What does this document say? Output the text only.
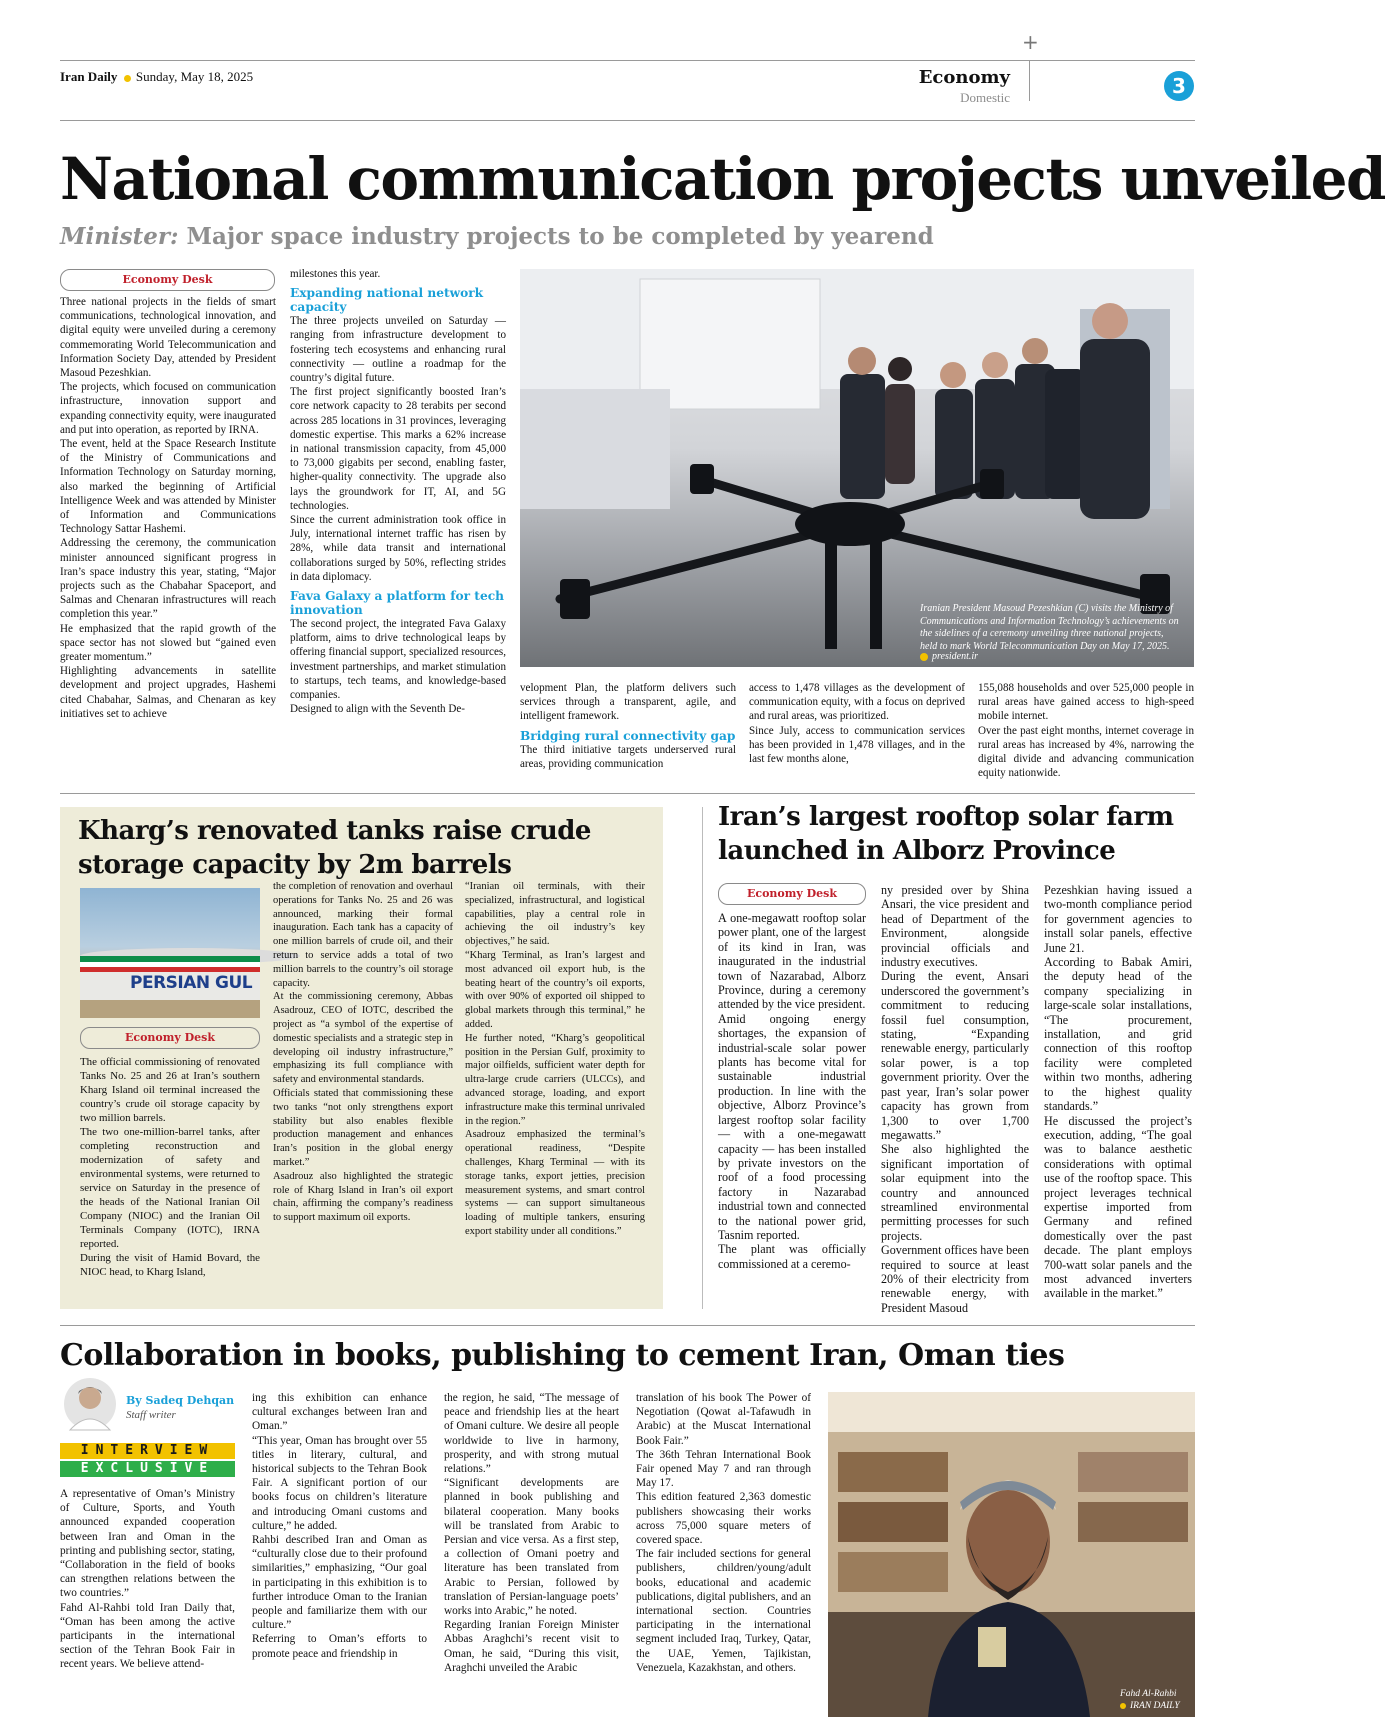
+
Iran Daily Sunday, May 18, 2025	Economy
Domestic	3
National communication projects unveiled
Minister: Major space industry projects to be completed by yearend
Economy Desk

Three national projects in the fields of smart communications, technological innovation, and digital equity were unveiled during a ceremony commemorating World Telecommunication and Information Society Day, attended by President Masoud Pezeshkian.

The projects, which focused on communication infrastructure, innovation support and expanding connectivity equity, were inaugurated and put into operation, as reported by IRNA.

The event, held at the Space Research Institute of the Ministry of Communications and Information Technology on Saturday morning, also marked the beginning of Artificial Intelligence Week and was attended by Minister of Information and Communications Technology Sattar Hashemi.

Addressing the ceremony, the communication minister announced significant progress in Iran’s space industry this year, stating, “Major projects such as the Chabahar Spaceport, and Salmas and Chenaran infrastructures will reach completion this year.”

He emphasized that the rapid growth of the space sector has not slowed but “gained even greater momentum.”

Highlighting advancements in satellite development and project upgrades, Hashemi cited Chabahar, Salmas, and Chenaran as key initiatives set to achieve

milestones this year.

Expanding national network capacity

The three projects unveiled on Saturday — ranging from infrastructure development to fostering tech ecosystems and enhancing rural connectivity — outline a roadmap for the country’s digital future.

The first project significantly boosted Iran’s core network capacity to 28 terabits per second across 285 locations in 31 provinces, leveraging domestic expertise. This marks a 62% increase in national transmission capacity, from 45,000 to 73,000 gigabits per second, enabling faster, higher-quality connectivity. The upgrade also lays the groundwork for IT, AI, and 5G technologies.

Since the current administration took office in July, international internet traffic has risen by 28%, while data transit and international collaborations surged by 50%, reflecting strides in data diplomacy.

Fava Galaxy a platform for tech innovation

The second project, the integrated Fava Galaxy platform, aims to drive technological leaps by offering financial support, specialized resources, investment partnerships, and market stimulation to startups, tech teams, and knowledge-based companies.

Designed to align with the Seventh De-

Iranian President Masoud Pezeshkian (C) visits the Ministry of Communications and Information Technology’s achievements on the sidelines of a ceremony unveiling three national projects, held to mark World Telecommunication Day on May 17, 2025.
president.ir

velopment Plan, the platform delivers such services through a transparent, agile, and intelligent framework.

Bridging rural connectivity gap

The third initiative targets underserved rural areas, providing communication

access to 1,478 villages as the development of communication equity, with a focus on deprived and rural areas, was prioritized.

Since July, access to communication services has been provided in 1,478 villages, and in the last few months alone,

155,088 households and over 525,000 people in rural areas have gained access to high-speed mobile internet.

Over the past eight months, internet coverage in rural areas has increased by 4%, narrowing the digital divide and advancing communication equity nationwide.

Kharg’s renovated tanks raise crude storage capacity by 2m barrels
PERSIAN GUL
Economy Desk

The official commissioning of renovated Tanks No. 25 and 26 at Iran’s southern Kharg Island oil terminal increased the country’s crude oil storage capacity by two million barrels.

The two one-million-barrel tanks, after completing reconstruction and modernization of safety and environmental systems, were returned to service on Saturday in the presence of the heads of the National Iranian Oil Company (NIOC) and the Iranian Oil Terminals Company (IOTC), IRNA reported.

During the visit of Hamid Bovard, the NIOC head, to Kharg Island,

the completion of renovation and overhaul operations for Tanks No. 25 and 26 was announced, marking their formal inauguration. Each tank has a capacity of one million barrels of crude oil, and their return to service adds a total of two million barrels to the country’s oil storage capacity.

At the commissioning ceremony, Abbas Asadrouz, CEO of IOTC, described the project as “a symbol of the expertise of domestic specialists and a strategic step in developing oil industry infrastructure,” emphasizing its full compliance with safety and environmental standards.

Officials stated that commissioning these two tanks “not only strengthens export stability but also enables flexible production management and enhances Iran’s position in the global energy market.”

Asadrouz also highlighted the strategic role of Kharg Island in Iran’s oil export chain, affirming the company’s readiness to support maximum oil exports.

“Iranian oil terminals, with their specialized, infrastructural, and logistical capabilities, play a central role in achieving the oil industry’s key objectives,” he said.

“Kharg Terminal, as Iran’s largest and most advanced oil export hub, is the beating heart of the country’s oil exports, with over 90% of exported oil shipped to global markets through this terminal,” he added.

He further noted, “Kharg’s geopolitical position in the Persian Gulf, proximity to major oilfields, sufficient water depth for ultra-large crude carriers (ULCCs), and advanced storage, loading, and export infrastructure make this terminal unrivaled in the region.”

Asadrouz emphasized the terminal’s operational readiness, “Despite challenges, Kharg Terminal — with its storage tanks, export jetties, precision measurement systems, and smart control systems — can support simultaneous loading of multiple tankers, ensuring export stability under all conditions.”

Iran’s largest rooftop solar farm launched in Alborz Province
Economy Desk

A one-megawatt rooftop solar power plant, one of the largest of its kind in Iran, was inaugurated in the industrial town of Nazarabad, Alborz Province, during a ceremony attended by the vice president.

Amid ongoing energy shortages, the expansion of industrial-scale solar power plants has become vital for sustainable industrial production. In line with the objective, Alborz Province’s largest rooftop solar facility — with a one-megawatt capacity — has been installed by private investors on the roof of a food processing factory in Nazarabad industrial town and connected to the national power grid, Tasnim reported.

The plant was officially commissioned at a ceremo-

ny presided over by Shina Ansari, the vice president and head of Department of the Environment, alongside provincial officials and industry executives.

During the event, Ansari underscored the government’s commitment to reducing fossil fuel consumption, stating, “Expanding renewable energy, particularly solar power, is a top government priority. Over the past year, Iran’s solar power capacity has grown from 1,300 to over 1,700 megawatts.”

She also highlighted the significant importation of solar equipment into the country and announced streamlined environmental permitting processes for such projects.

Government offices have been required to source at least 20% of their electricity from renewable energy, with President Masoud

Pezeshkian having issued a two-month compliance period for government agencies to install solar panels, effective June 21.

According to Babak Amiri, the deputy head of the company specializing in large-scale solar installations, “The procurement, installation, and grid connection of this rooftop facility were completed within two months, adhering to the highest quality standards.”

He discussed the project’s execution, adding, “The goal was to balance aesthetic considerations with optimal use of the rooftop space. This project leverages technical expertise imported from Germany and refined domestically over the past decade. The plant employs 700-watt solar panels and the most advanced inverters available in the market.”

Collaboration in books, publishing to cement Iran, Oman ties
By Sadeq Dehqan
Staff writer
INTERVIEW
EXCLUSIVE

A representative of Oman’s Ministry of Culture, Sports, and Youth announced expanded cooperation between Iran and Oman in the printing and publishing sector, stating, “Collaboration in the field of books can strengthen relations between the two countries.”

Fahd Al-Rahbi told Iran Daily that, “Oman has been among the active participants in the international section of the Tehran Book Fair in recent years. We believe attend-

ing this exhibition can enhance cultural exchanges between Iran and Oman.”

“This year, Oman has brought over 55 titles in literary, cultural, and historical subjects to the Tehran Book Fair. A significant portion of our books focus on children’s literature and introducing Omani customs and culture,” he added.

Rahbi described Iran and Oman as “culturally close due to their profound similarities,” emphasizing, “Our goal in participating in this exhibition is to further introduce Oman to the Iranian people and familiarize them with our culture.”

Referring to Oman’s efforts to promote peace and friendship in

the region, he said, “The message of peace and friendship lies at the heart of Omani culture. We desire all people worldwide to live in harmony, prosperity, and with strong mutual relations.”

“Significant developments are planned in book publishing and bilateral cooperation. Many books will be translated from Arabic to Persian and vice versa. As a first step, a collection of Omani poetry and literature has been translated from Arabic to Persian, followed by translation of Persian-language poets’ works into Arabic,” he noted.

Regarding Iranian Foreign Minister Abbas Araghchi’s recent visit to Oman, he said, “During this visit, Araghchi unveiled the Arabic

translation of his book The Power of Negotiation (Qowat al-Tafawudh in Arabic) at the Muscat International Book Fair.”

The 36th Tehran International Book Fair opened May 7 and ran through May 17.

This edition featured 2,363 domestic publishers showcasing their works across 75,000 square meters of covered space.

The fair included sections for general publishers, children/young/adult books, educational and academic publications, digital publishers, and an international section. Countries participating in the international segment included Iraq, Turkey, Qatar, the UAE, Yemen, Tajikistan, Venezuela, Kazakhstan, and others.

Fahd Al-Rahbi
IRAN DAILY
